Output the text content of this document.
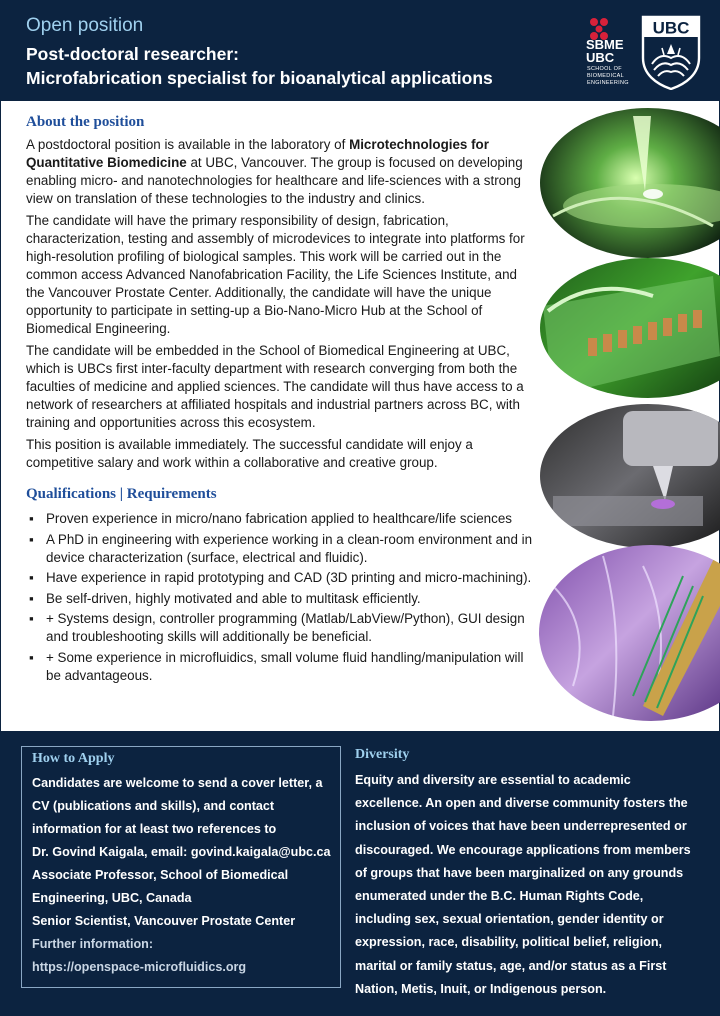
Open position
Post-doctoral researcher:
Microfabrication specialist for bioanalytical applications
SBME
UBC
SCHOOL OF
BIOMEDICAL
ENGINEERING
UBC
About the position

A postdoctoral position is available in the laboratory of Microtechnologies for Quantitative Biomedicine at UBC, Vancouver. The group is focused on developing enabling micro- and nanotechnologies for healthcare and life-sciences with a strong view on translation of these technologies to the industry and clinics.

The candidate will have the primary responsibility of design, fabrication, characterization, testing and assembly of microdevices to integrate into platforms for high-resolution profiling of biological samples. This work will be carried out in the common access Advanced Nanofabrication Facility, the Life Sciences Institute, and the Vancouver Prostate Center. Additionally, the candidate will have the unique opportunity to participate in setting-up a Bio-Nano-Micro Hub at the School of Biomedical Engineering.

The candidate will be embedded in the School of Biomedical Engineering at UBC, which is UBCs first inter-faculty department with research converging from both the faculties of medicine and applied sciences. The candidate will thus have access to a network of researchers at affiliated hospitals and industrial partners across BC, with training and opportunities across this ecosystem.

This position is available immediately. The successful candidate will enjoy a competitive salary and work within a collaborative and creative group.

Qualifications | Requirements
▪ Proven experience in micro/nano fabrication applied to healthcare/life sciences
▪ A PhD in engineering with experience working in a clean-room environment and in device characterization (surface, electrical and fluidic).
▪ Have experience in rapid prototyping and CAD (3D printing and micro-machining).
▪ Be self-driven, highly motivated and able to multitask efficiently.
▪ + Systems design, controller programming (Matlab/LabView/Python), GUI design and troubleshooting skills will additionally be beneficial.
▪ + Some experience in microfluidics, small volume fluid handling/manipulation will be advantageous.
How to Apply
Candidates are welcome to send a cover letter, a CV (publications and skills), and contact information for at least two references to
Dr. Govind Kaigala, email: govind.kaigala@ubc.ca
Associate Professor, School of Biomedical Engineering, UBC, Canada
Senior Scientist, Vancouver Prostate Center
Further information:
https://openspace-microfluidics.org
Diversity

Equity and diversity are essential to academic excellence. An open and diverse community fosters the inclusion of voices that have been underrepresented or discouraged. We encourage applications from members of groups that have been marginalized on any grounds enumerated under the B.C. Human Rights Code, including sex, sexual orientation, gender identity or expression, race, disability, political belief, religion, marital or family status, age, and/or status as a First Nation, Metis, Inuit, or Indigenous person.
